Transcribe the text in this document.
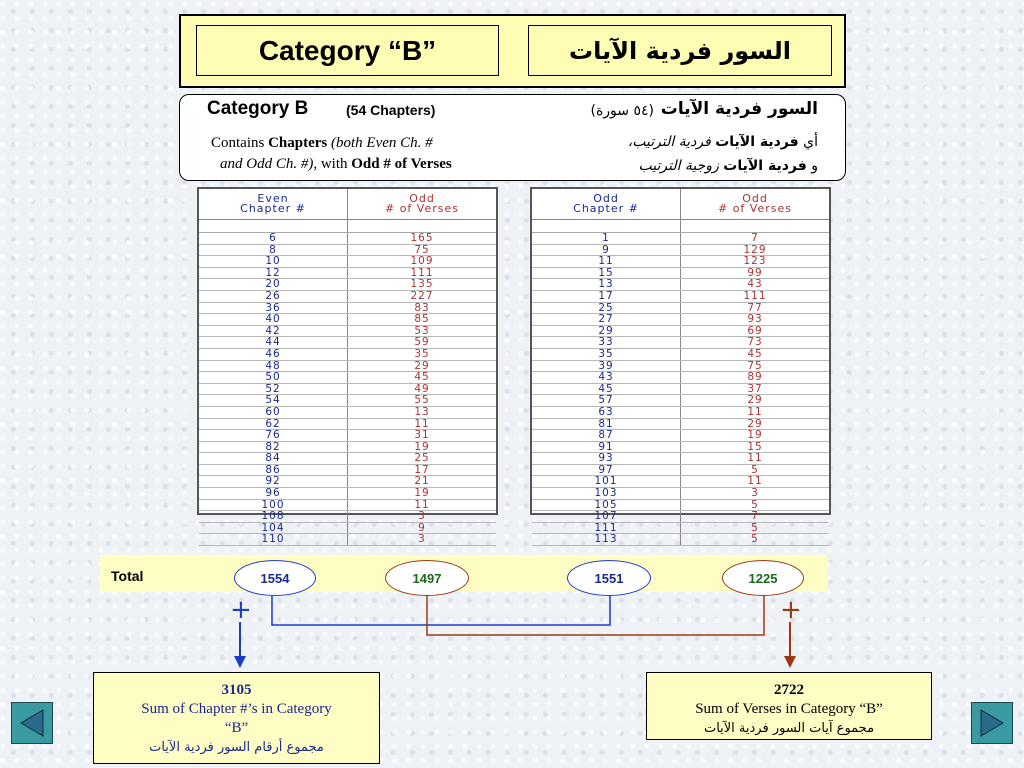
Category “B”	السور فردية الآيات
Category B	(54 Chapters)
Contains Chapters (both Even Ch. #
and Odd Ch. #), with Odd # of Verses
السور فردية الآيات
(٥٤ سورة)
أي فردية الآيات فردية الترتيب،
و فردية الآيات زوجية الترتيب
Even
Chapter #
Odd
# of Verses
6	165
8	75
10	109
12	111
20	135
26	227
36	83
40	85
42	53
44	59
46	35
48	29
50	45
52	49
54	55
60	13
62	11
76	31
82	19
84	25
86	17
92	21
96	19
100	11
108	3
104	9
110	3
Odd
Chapter #
Odd
# of Verses
1	7
9	129
11	123
15	99
13	43
17	111
25	77
27	93
29	69
33	73
35	45
39	75
43	89
45	37
57	29
63	11
81	29
87	19
91	15
93	11
97	5
101	11
103	3
105	5
107	7
111	5
113	5
Total	1554	1497	1551	1225
+	+
3105
Sum of Chapter #’s in Category
“B”
مجموع أرقام السور فردية الآيات
2722
Sum of Verses in Category “B”
مجموع آيات السور فردية الآيات
